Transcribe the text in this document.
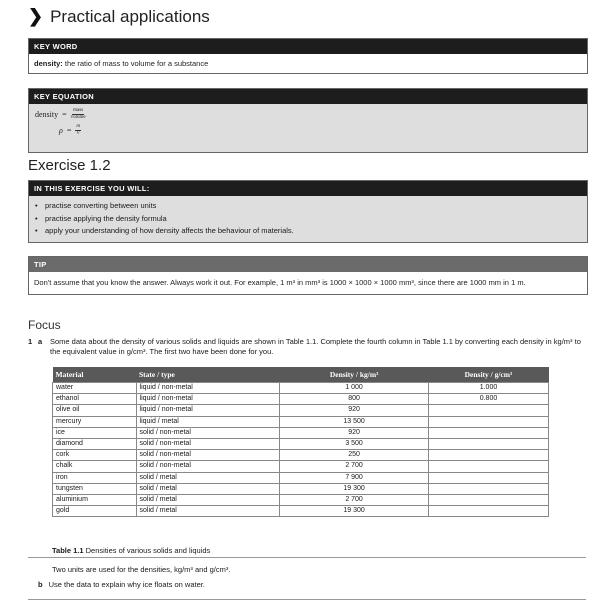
❯ Practical applications
KEY WORD
density: the ratio of mass to volume for a substance
KEY EQUATION
density = $\frac{\text{mass}}{\text{volume}}$
$\rho = \frac{m}{V}$
Exercise 1.2
IN THIS EXERCISE YOU WILL:
• practise converting between units
• practise applying the density formula
• apply your understanding of how density affects the behaviour of materials.
TIP
Don't assume that you know the answer. Always work it out. For example, 1 m³ in mm³ is 1000 × 1000 × 1000 mm³, since there are 1000 mm in 1 m.
Focus
1 a Some data about the density of various solids and liquids are shown in Table 1.1. Complete the fourth column in Table 1.1 by converting each density in kg/m³ to the equivalent value in g/cm³. The first two have been done for you.
Material	State / type	Density / kg/m³	Density / g/cm³
water	liquid / non-metal	1 000	1.000
ethanol	liquid / non-metal	800	0.800
olive oil	liquid / non-metal	920	
mercury	liquid / metal	13 500	
ice	solid / non-metal	920	
diamond	solid / non-metal	3 500	
cork	solid / non-metal	250	
chalk	solid / non-metal	2 700	
iron	solid / metal	7 900	
tungsten	solid / metal	19 300	
aluminium	solid / metal	2 700	
gold	solid / metal	19 300	
Table 1.1 Densities of various solids and liquids
Two units are used for the densities, kg/m³ and g/cm³.
b Use the data to explain why ice floats on water.
